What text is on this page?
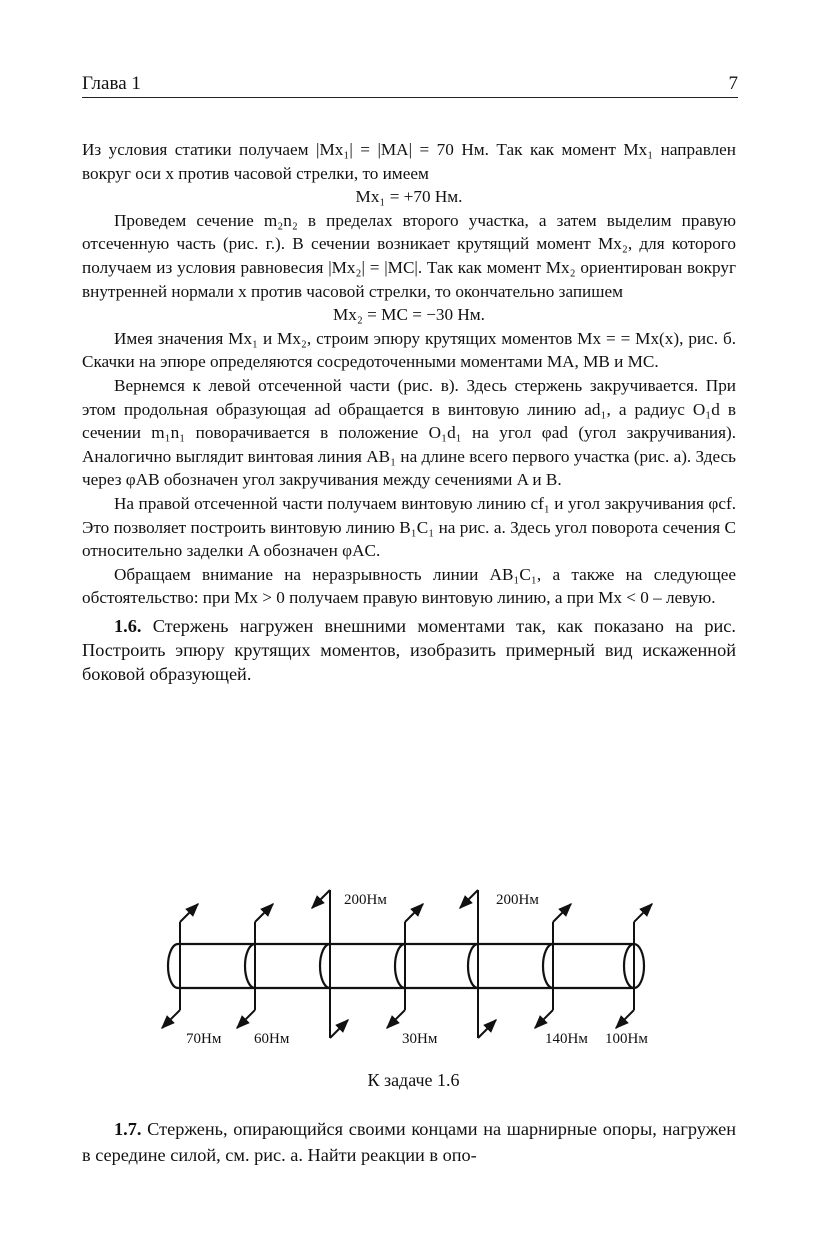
Глава 1	7

Из условия статики получаем |Mx₁| = |MA| = 70 Нм. Так как момент Mx₁ направлен вокруг оси x против часовой стрелки, то имеем

Mx₁ = +70 Нм.

Проведем сечение m₂n₂ в пределах второго участка, а затем выделим правую отсеченную часть (рис. г.). В сечении возникает крутящий момент Mx₂, для которого получаем из условия равновесия |Mx₂| = |MC|. Так как момент Mx₂ ориентирован вокруг внутренней нормали x против часовой стрелки, то окончательно запишем

Mx₂ = MC = −30 Нм.

Имея значения Mx₁ и Mx₂, строим эпюру крутящих моментов Mx = = Mx(x), рис. б. Скачки на эпюре определяются сосредоточенными моментами MA, MB и MC.

Вернемся к левой отсеченной части (рис. в). Здесь стержень закручивается. При этом продольная образующая ad обращается в винтовую линию ad₁, а радиус O₁d в сечении m₁n₁ поворачивается в положение O₁d₁ на угол φad (угол закручивания). Аналогично выглядит винтовая линия AB₁ на длине всего первого участка (рис. а). Здесь через φAB обозначен угол закручивания между сечениями A и B.

На правой отсеченной части получаем винтовую линию cf₁ и угол закручивания φcf. Это позволяет построить винтовую линию B₁C₁ на рис. а. Здесь угол поворота сечения C относительно заделки A обозначен φAC.

Обращаем внимание на неразрывность линии AB₁C₁, а также на следующее обстоятельство: при Mx > 0 получаем правую винтовую линию, а при Mx < 0 – левую.

1.6. Стержень нагружен внешними моментами так, как показано на рис. Построить эпюру крутящих моментов, изобразить примерный вид искаженной боковой образующей.

70Нм 60Нм
200Нм
30Нм
200Нм
140Нм 100Нм
К задаче 1.6

1.7. Стержень, опирающийся своими концами на шарнирные опоры, нагружен в середине силой, см. рис. а. Найти реакции в опо-
